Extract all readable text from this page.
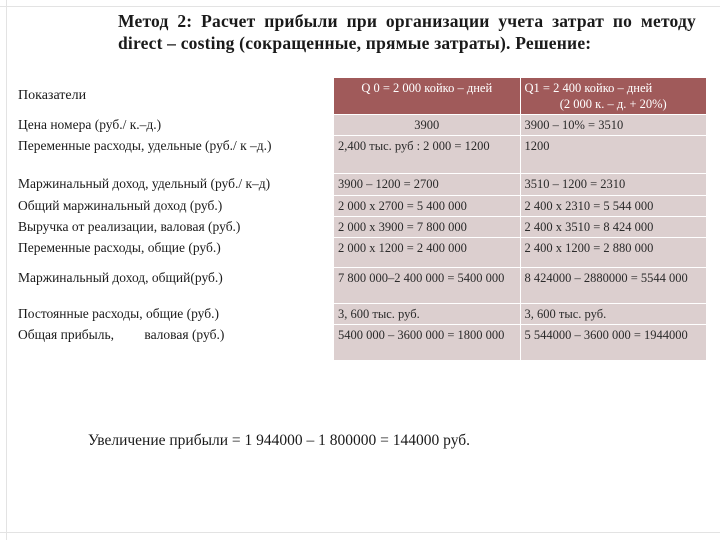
Метод 2: Расчет прибыли при организации учета затрат по методу direct – costing (сокращенные, прямые затраты). Решение:
Показатели	Q 0 = 2 000 койко – дней	Q1 = 2 400 койко – дней
(2 000 к. – д. + 20%)

Цена номера (руб./ к.–д.)	3900	3900 – 10% = 3510
Переменные расходы, удельные (руб./ к –д.)	2,400 тыс. руб : 2 000 = 1200	1200
Маржинальный доход, удельный (руб./ к–д)	3900 – 1200 = 2700	3510 – 1200 = 2310
Общий маржинальный доход (руб.)	2 000 х 2700 = 5 400 000	2 400 х 2310 = 5 544 000
Выручка от реализации, валовая (руб.)	2 000 х 3900 = 7 800 000	2 400 х 3510 = 8 424 000
Переменные расходы, общие (руб.)	2 000 х 1200 = 2 400 000	2 400 х 1200 = 2 880 000
Маржинальный доход, общий(руб.)	7 800 000–2 400 000 = 5400 000	8 424000 – 2880000 = 5544 000
Постоянные расходы, общие (руб.)	3, 600 тыс. руб.	3, 600 тыс. руб.
Общая прибыль,         валовая (руб.)	5400 000 – 3600 000 = 1800 000	5 544000 – 3600 000 = 1944000
Увеличение прибыли = 1 944000 – 1 800000 = 144000 руб.
